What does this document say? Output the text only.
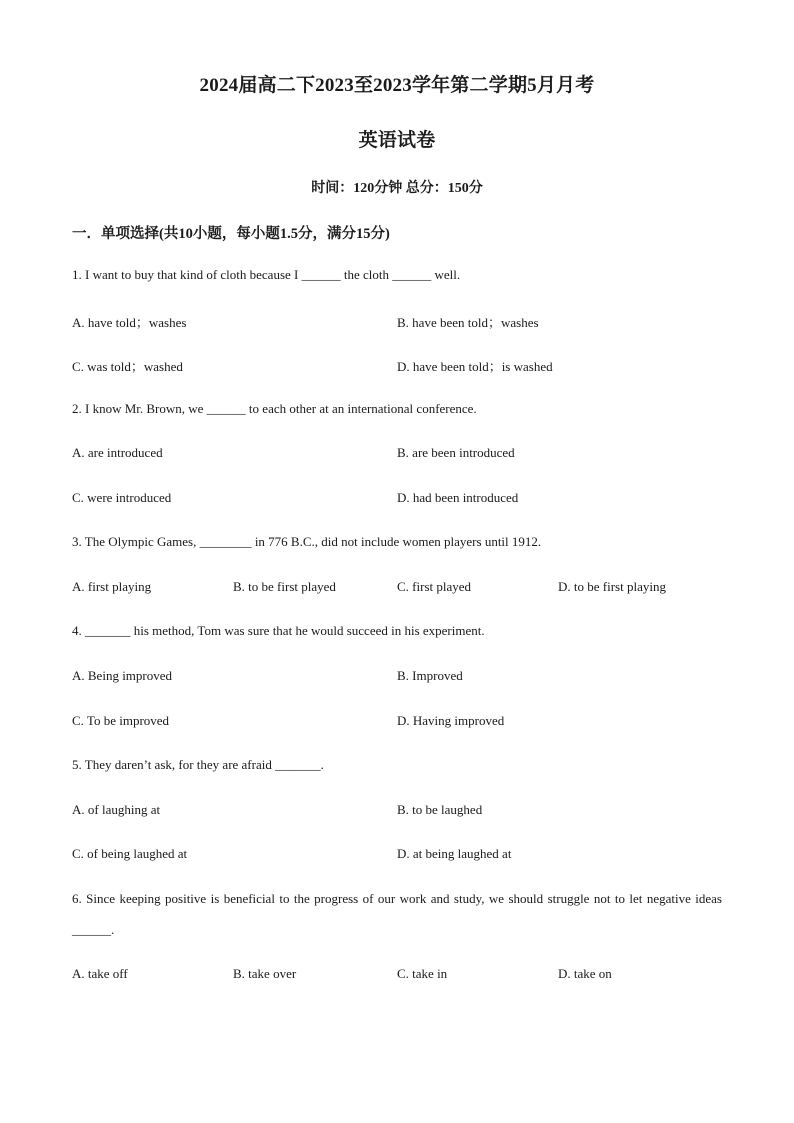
2024届高二下2023至2023学年第二学期5月月考
英语试卷
时间：120分钟 总分：150分
一．单项选择(共10小题，每小题1.5分，满分15分)
1. I want to buy that kind of cloth because I ______ the cloth ______ well.
A. have told；washes	B. have been told；washes
C. was told；washed	D. have been told；is washed
2. I know Mr. Brown, we ______ to each other at an international conference.
A. are introduced	B. are been introduced
C. were introduced	D. had been introduced
3. The Olympic Games, ________ in 776 B.C., did not include women players until 1912.
A. first playing	B. to be first played	C. first played	D. to be first playing
4. _______ his method, Tom was sure that he would succeed in his experiment.
A. Being improved	B. Improved
C. To be improved	D. Having improved
5. They daren’t ask, for they are afraid _______.
A. of laughing at	B. to be laughed
C. of being laughed at	D. at being laughed at
6. Since keeping positive is beneficial to the progress of our work and study, we should struggle not to let negative ideas ______.
A. take off	B. take over	C. take in	D. take on
